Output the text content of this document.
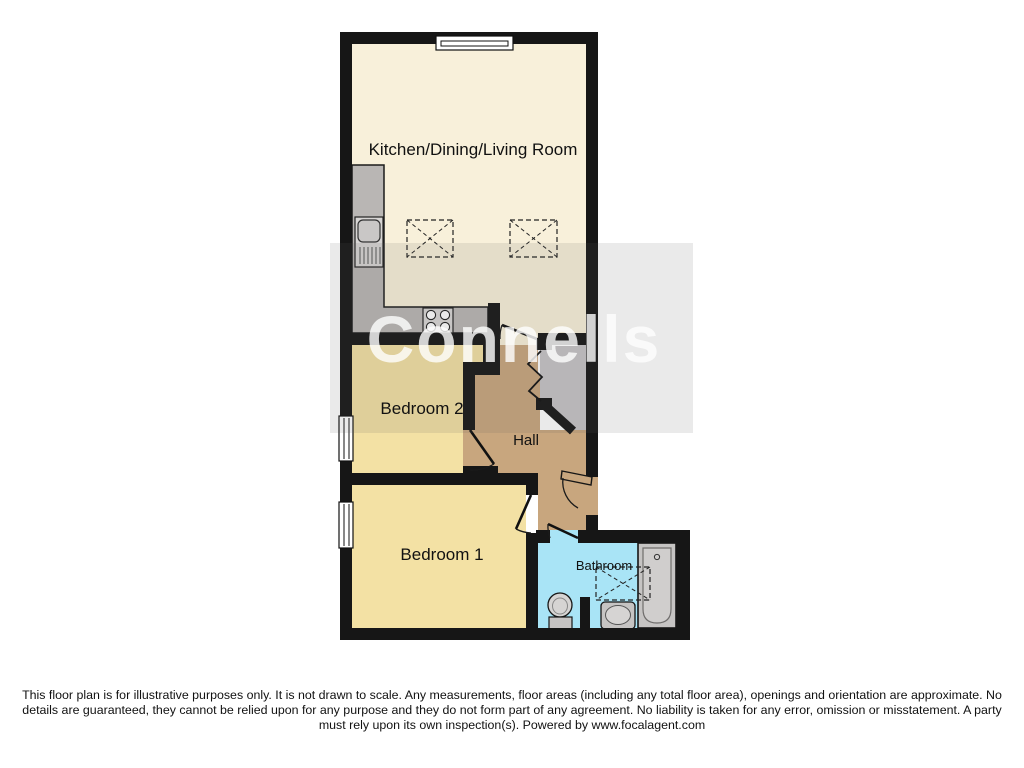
Connells
Kitchen/Dining/Living Room
Bedroom 2
Hall
Bedroom 1
Bathroom
This floor plan is for illustrative purposes only. It is not drawn to scale. Any measurements, floor areas (including any total floor area), openings and orientation are approximate. No
details are guaranteed, they cannot be relied upon for any purpose and they do not form part of any agreement. No liability is taken for any error, omission or misstatement. A party
must rely upon its own inspection(s). Powered by www.focalagent.com
